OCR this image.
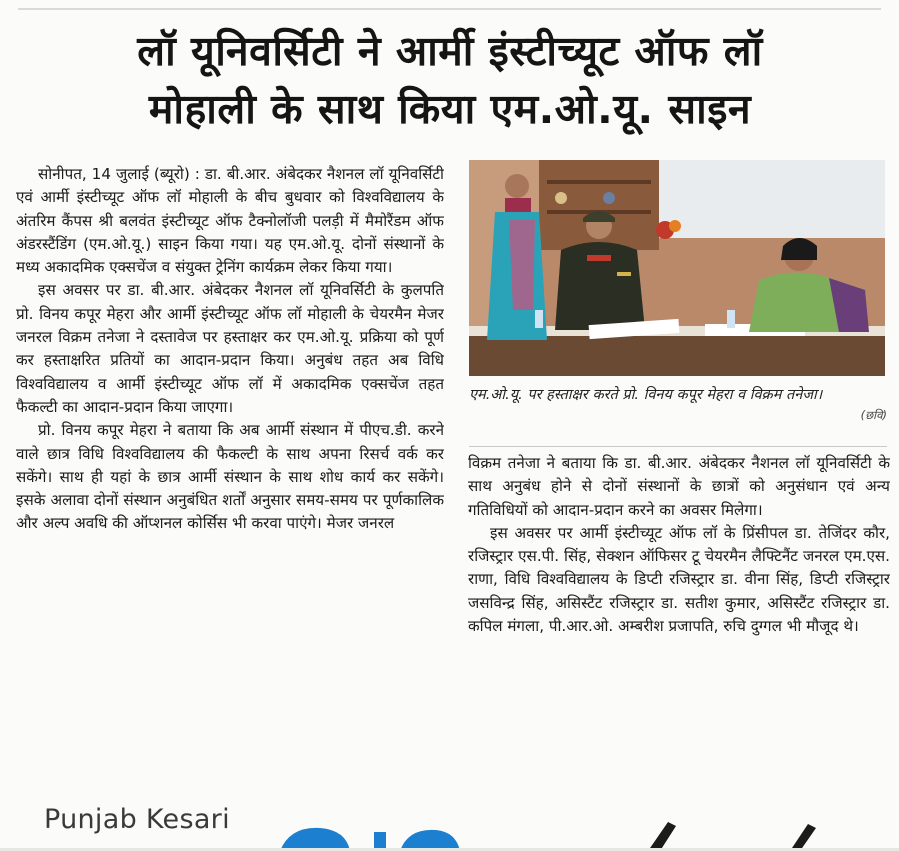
लॉ यूनिवर्सिटी ने आर्मी इंस्टीच्यूट ऑफ लॉ
मोहाली के साथ किया एम.ओ.यू. साइन

सोनीपत, 14 जुलाई (ब्यूरो) : डा. बी.आर. अंबेदकर नैशनल लॉ यूनिवर्सिटी एवं आर्मी इंस्टीच्यूट ऑफ लॉ मोहाली के बीच बुधवार को विश्वविद्यालय के अंतरिम कैंपस श्री बलवंत इंस्टीच्यूट ऑफ टैक्नोलॉजी पलड़ी में मैमोरैंडम ऑफ अंडरस्टैंडिंग (एम.ओ.यू.) साइन किया गया। यह एम.ओ.यू. दोनों संस्थानों के मध्य अकादमिक एक्सचेंज व संयुक्त ट्रेनिंग कार्यक्रम लेकर किया गया।

इस अवसर पर डा. बी.आर. अंबेदकर नैशनल लॉ यूनिवर्सिटी के कुलपति प्रो. विनय कपूर मेहरा और आर्मी इंस्टीच्यूट ऑफ लॉ मोहाली के चेयरमैन मेजर जनरल विक्रम तनेजा ने दस्तावेज पर हस्ताक्षर कर एम.ओ.यू. प्रक्रिया को पूर्ण कर हस्ताक्षरित प्रतियों का आदान-प्रदान किया। अनुबंध तहत अब विधि विश्वविद्यालय व आर्मी इंस्टीच्यूट ऑफ लॉ में अकादमिक एक्सचेंज तहत फैकल्टी का आदान-प्रदान किया जाएगा।

प्रो. विनय कपूर मेहरा ने बताया कि अब आर्मी संस्थान में पीएच.डी. करने वाले छात्र विधि विश्वविद्यालय की फैकल्टी के साथ अपना रिसर्च वर्क कर सकेंगे। साथ ही यहां के छात्र आर्मी संस्थान के साथ शोध कार्य कर सकेंगे। इसके अलावा दोनों संस्थान अनुबंधित शर्तों अनुसार समय-समय पर पूर्णकालिक और अल्प अवधि की ऑप्शनल कोर्सिस भी करवा पाएंगे। मेजर जनरल

एम.ओ.यू. पर हस्ताक्षर करते प्रो. विनय कपूर मेहरा व विक्रम तनेजा।
(छवि)

विक्रम तनेजा ने बताया कि डा. बी.आर. अंबेदकर नैशनल लॉ यूनिवर्सिटी के साथ अनुबंध होने से दोनों संस्थानों के छात्रों को अनुसंधान एवं अन्य गतिविधियों को आदान-प्रदान करने का अवसर मिलेगा।

इस अवसर पर आर्मी इंस्टीच्यूट ऑफ लॉ के प्रिंसीपल डा. तेजिंदर कौर, रजिस्ट्रार एस.पी. सिंह, सेक्शन ऑफिसर टू चेयरमैन लैफ्टिनैंट जनरल एम.एस. राणा, विधि विश्वविद्यालय के डिप्टी रजिस्ट्रार डा. वीना सिंह, डिप्टी रजिस्ट्रार जसविन्द्र सिंह, असिस्टैंट रजिस्ट्रार डा. सतीश कुमार, असिस्टैंट रजिस्ट्रार डा. कपिल मंगला, पी.आर.ओ. अम्बरीश प्रजापति, रुचि दुग्गल भी मौजूद थे।

Punjab Kesari
